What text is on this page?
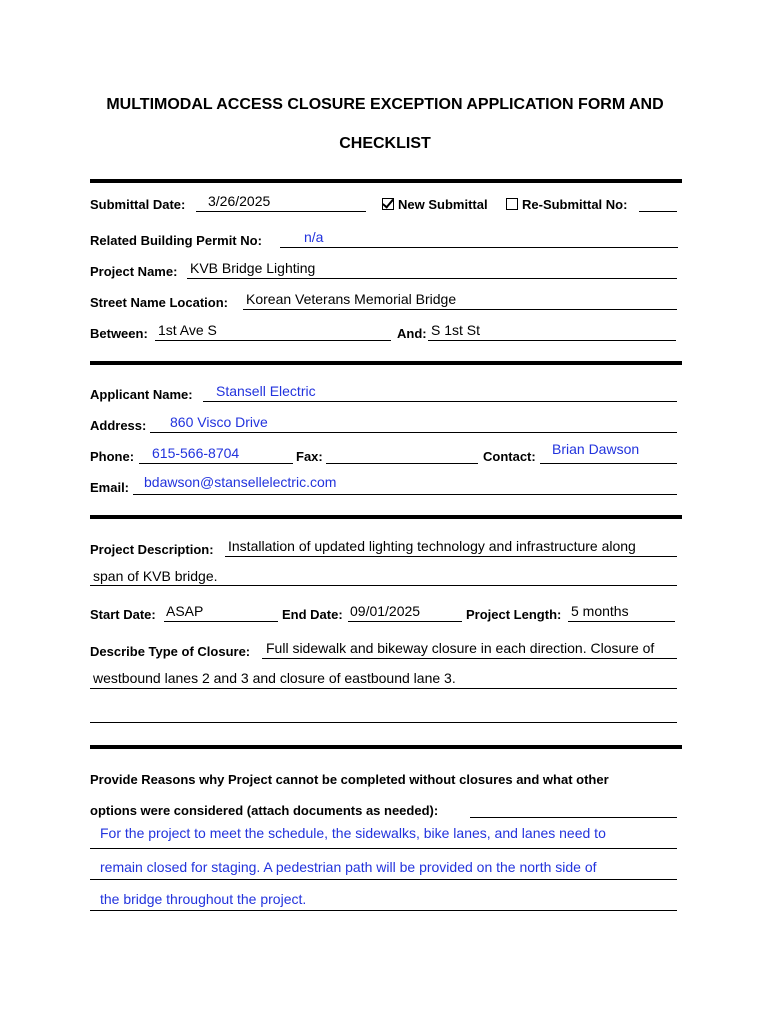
MULTIMODAL ACCESS CLOSURE EXCEPTION APPLICATION FORM AND
CHECKLIST
Submittal Date: 3/26/2025	New Submittal	Re-Submittal No:
Related Building Permit No:	n/a
Project Name: KVB Bridge Lighting
Street Name Location: Korean Veterans Memorial Bridge
Between: 1st Ave S	And: S 1st St
Applicant Name: Stansell Electric
Address: 860 Visco Drive
Phone: 615-566-8704	Fax:	Contact: Brian Dawson
Email: bdawson@stansellelectric.com
Project Description: Installation of updated lighting technology and infrastructure along
span of KVB bridge.
Start Date: ASAP	End Date: 09/01/2025	Project Length: 5 months
Describe Type of Closure: Full sidewalk and bikeway closure in each direction. Closure of
westbound lanes 2 and 3 and closure of eastbound lane 3.
Provide Reasons why Project cannot be completed without closures and what other
options were considered (attach documents as needed):
For the project to meet the schedule, the sidewalks, bike lanes, and lanes need to
remain closed for staging. A pedestrian path will be provided on the north side of
the bridge throughout the project.
